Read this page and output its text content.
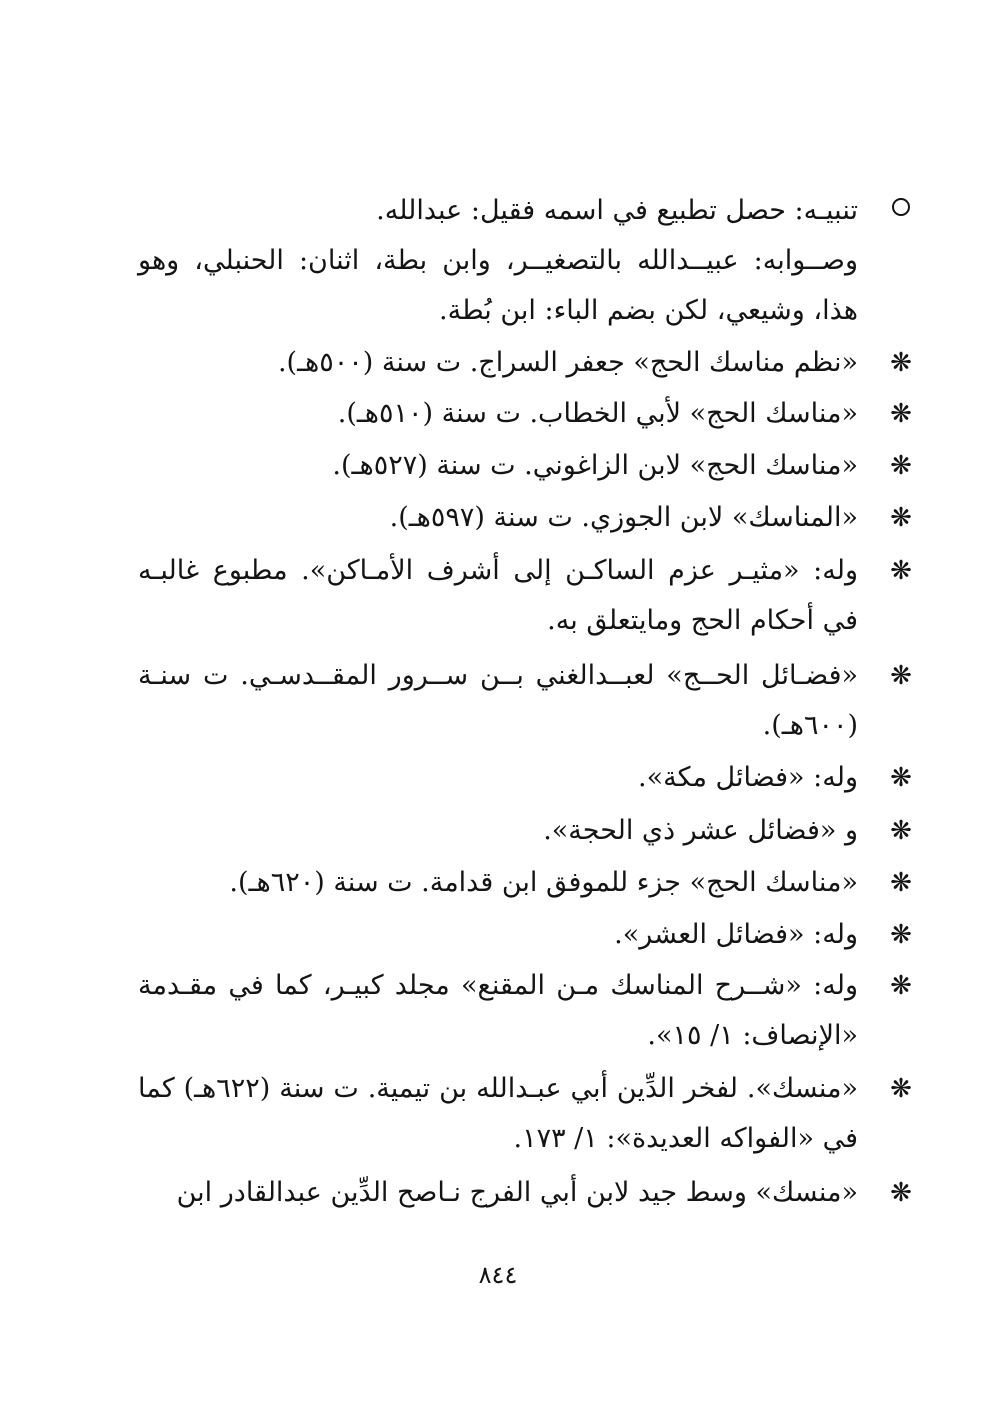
تنبيـه: حصل تطبيع في اسمه فقيل: عبدالله.
وصــوابه: عبيــدالله بالتصغيــر، وابن بطة، اثنان: الحنبلي، وهو هذا، وشيعي، لكن بضم الباء: ابن بُطة.
❋
«نظم مناسك الحج» جعفر السراج. ت سنة (٥٠٠هـ).
❋
«مناسك الحج» لأبي الخطاب. ت سنة (٥١٠هـ).
❋
«مناسك الحج» لابن الزاغوني. ت سنة (٥٢٧هـ).
❋
«المناسك» لابن الجوزي. ت سنة (٥٩٧هـ).
❋
وله: «مثيـر عزم الساكـن إلى أشرف الأمـاكن». مطبوع غالبـه في أحكام الحج ومايتعلق به.
❋
«فضـائل الحــج» لعبــدالغني بــن ســرور المقــدسـي. ت سنـة (٦٠٠هـ).
❋
وله: «فضائل مكة».
❋
و «فضائل عشر ذي الحجة».
❋
«مناسك الحج» جزء للموفق ابن قدامة. ت سنة (٦٢٠هـ).
❋
وله: «فضائل العشر».
❋
وله: «شــرح المناسك مـن المقنع» مجلد كبيـر، كما في مقـدمة «الإنصاف: ١/ ١٥».
❋
«منسك». لفخر الدِّين أبي عبـدالله بن تيمية. ت سنة (٦٢٢هـ) كما في «الفواكه العديدة»: ١/ ١٧٣.
❋
«منسك» وسط جيد لابن أبي الفرج نـاصح الدِّين عبدالقادر ابن
٨٤٤
